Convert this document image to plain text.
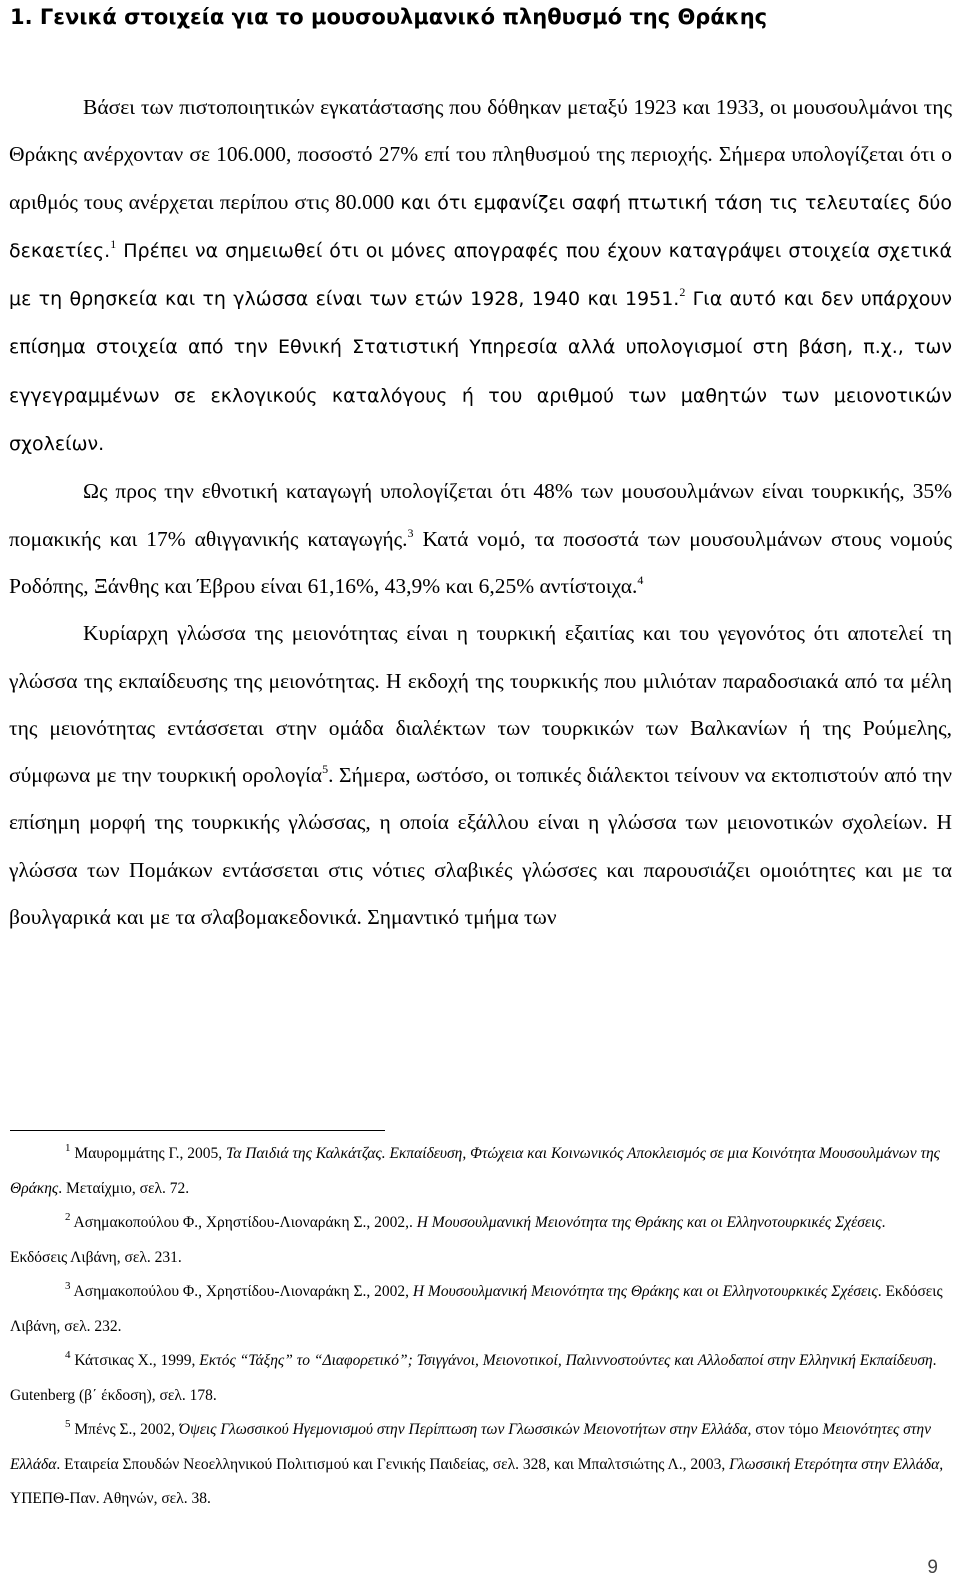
1. Γενικά στοιχεία για το μουσουλμανικό πληθυσμό της Θράκης

Βάσει των πιστοποιητικών εγκατάστασης που δόθηκαν μεταξύ 1923 και 1933, οι μουσουλμάνοι της Θράκης ανέρχονταν σε 106.000, ποσοστό 27% επί του πληθυσμού της περιοχής. Σήμερα υπολογίζεται ότι ο αριθμός τους ανέρχεται περίπου στις 80.000 και ότι εμφανίζει σαφή πτωτική τάση τις τελευταίες δύο δεκαετίες.$^1$ Πρέπει να σημειωθεί ότι οι μόνες απογραφές που έχουν καταγράψει στοιχεία σχετικά με τη θρησκεία και τη γλώσσα είναι των ετών 1928, 1940 και 1951.$^2$ Για αυτό και δεν υπάρχουν επίσημα στοιχεία από την Εθνική Στατιστική Υπηρεσία αλλά υπολογισμοί στη βάση, π.χ., των εγγεγραμμένων σε εκλογικούς καταλόγους ή του αριθμού των μαθητών των μειονοτικών σχολείων.

Ως προς την εθνοτική καταγωγή υπολογίζεται ότι 48% των μουσουλμάνων είναι τουρκικής, 35% πομακικής και 17% αθιγγανικής καταγωγής.$^3$ Κατά νομό, τα ποσοστά των μουσουλμάνων στους νομούς Ροδόπης, Ξάνθης και Έβρου είναι 61,16%, 43,9% και 6,25% αντίστοιχα.$^4$

Κυρίαρχη γλώσσα της μειονότητας είναι η τουρκική εξαιτίας και του γεγονότος ότι αποτελεί τη γλώσσα της εκπαίδευσης της μειονότητας. Η εκδοχή της τουρκικής που μιλιόταν παραδοσιακά από τα μέλη της μειονότητας εντάσσεται στην ομάδα διαλέκτων των τουρκικών των Βαλκανίων ή της Ρούμελης, σύμφωνα με την τουρκική ορολογία$^5$. Σήμερα, ωστόσο, οι τοπικές διάλεκτοι τείνουν να εκτοπιστούν από την επίσημη μορφή της τουρκικής γλώσσας, η οποία εξάλλου είναι η γλώσσα των μειονοτικών σχολείων. Η γλώσσα των Πομάκων εντάσσεται στις νότιες σλαβικές γλώσσες και παρουσιάζει ομοιότητες και με τα βουλγαρικά και με τα σλαβομακεδονικά. Σημαντικό τμήμα των

$^1$ Μαυρομμάτης Γ., 2005, Τα Παιδιά της Καλκάτζας. Εκπαίδευση, Φτώχεια και Κοινωνικός Αποκλεισμός σε μια Κοινότητα Μουσουλμάνων της Θράκης. Μεταίχμιο, σελ. 72.

$^2$ Ασημακοπούλου Φ., Χρηστίδου-Λιοναράκη Σ., 2002,. Η Μουσουλμανική Μειονότητα της Θράκης και οι Ελληνοτουρκικές Σχέσεις. Εκδόσεις Λιβάνη, σελ. 231.

$^3$ Ασημακοπούλου Φ., Χρηστίδου-Λιοναράκη Σ., 2002, Η Μουσουλμανική Μειονότητα της Θράκης και οι Ελληνοτουρκικές Σχέσεις. Εκδόσεις Λιβάνη, σελ. 232.

$^4$ Κάτσικας Χ., 1999, Εκτός “Τάξης” το “Διαφορετικό”; Τσιγγάνοι, Μειονοτικοί, Παλιννοστούντες και Αλλοδαποί στην Ελληνική Εκπαίδευση. Gutenberg (β΄ έκδοση), σελ. 178.

$^5$ Μπένς Σ., 2002, Όψεις Γλωσσικού Ηγεμονισμού στην Περίπτωση των Γλωσσικών Μειονοτήτων στην Ελλάδα, στον τόμο Μειονότητες στην Ελλάδα. Εταιρεία Σπουδών Νεοελληνικού Πολιτισμού και Γενικής Παιδείας, σελ. 328, και Μπαλτσιώτης Λ., 2003, Γλωσσική Ετερότητα στην Ελλάδα, ΥΠΕΠΘ-Παν. Αθηνών, σελ. 38.

9
